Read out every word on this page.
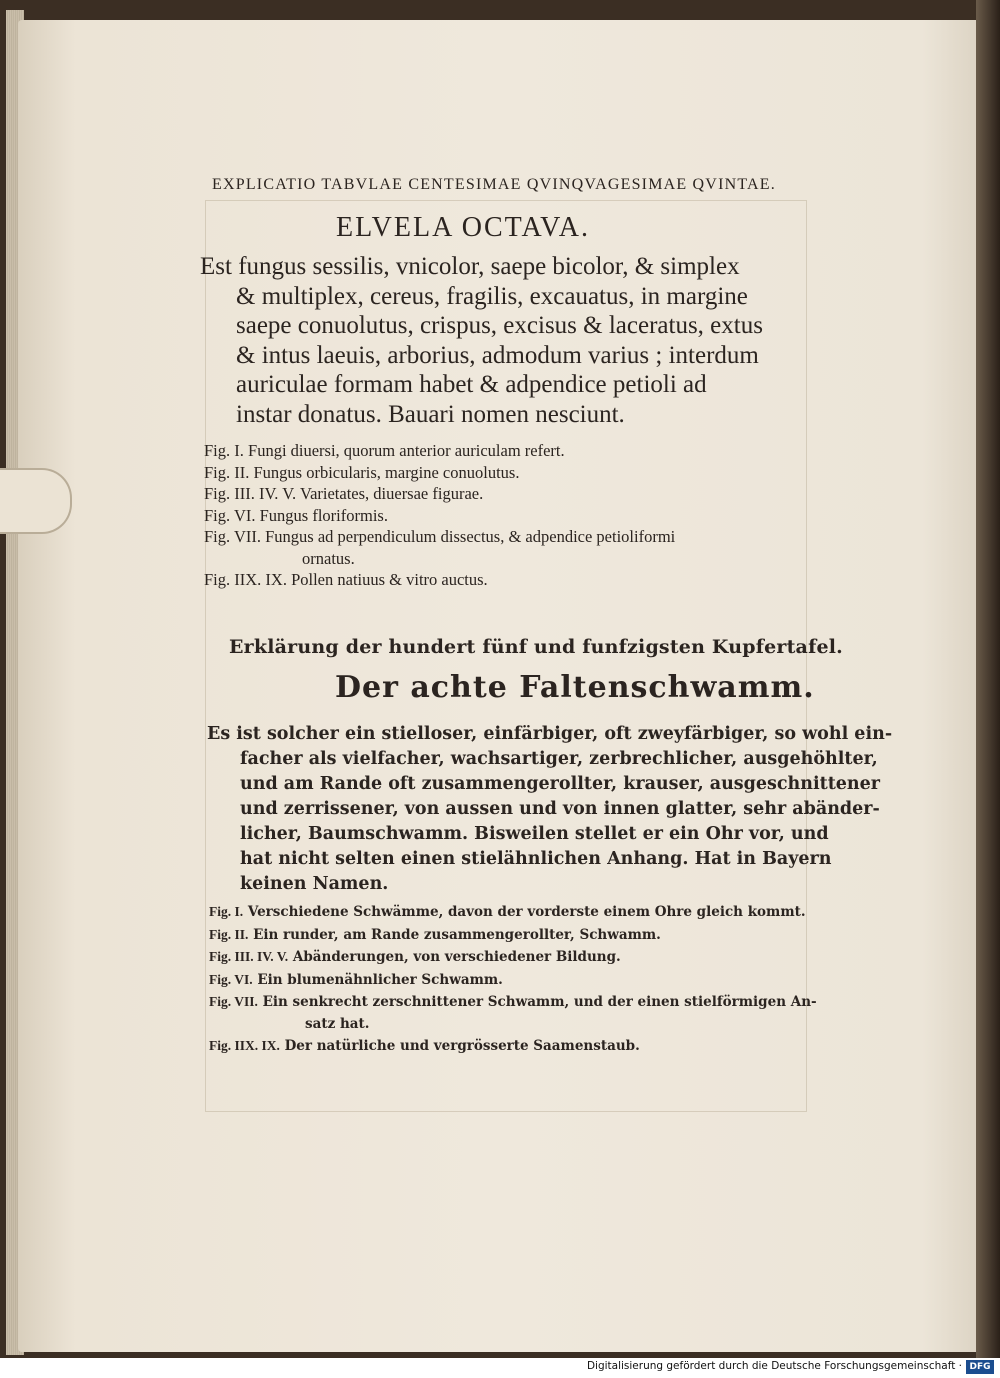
EXPLICATIO TABVLAE CENTESIMAE QVINQVAGESIMAE QVINTAE.
ELVELA OCTAVA.
Est fungus sessilis, vnicolor, saepe bicolor, & simplex
& multiplex, cereus, fragilis, excauatus, in margine
saepe conuolutus, crispus, excisus & laceratus, extus
& intus laeuis, arborius, admodum varius ; interdum
auriculae formam habet & adpendice petioli ad
instar donatus. Bauari nomen nesciunt.
Fig. I. Fungi diuersi, quorum anterior auriculam refert.
Fig. II. Fungus orbicularis, margine conuolutus.
Fig. III. IV. V. Varietates, diuersae figurae.
Fig. VI. Fungus floriformis.
Fig. VII. Fungus ad perpendiculum dissectus, & adpendice petioliformi
ornatus.
Fig. IIX. IX. Pollen natiuus & vitro auctus.
Erklärung der hundert fünf und funfzigsten Kupfertafel.
Der achte Faltenschwamm.
Es ist solcher ein stielloser, einfärbiger, oft zweyfärbiger, so wohl ein-
facher als vielfacher, wachsartiger, zerbrechlicher, ausgehöhlter,
und am Rande oft zusammengerollter, krauser, ausgeschnittener
und zerrissener, von aussen und von innen glatter, sehr abänder-
licher, Baumschwamm. Bisweilen stellet er ein Ohr vor, und
hat nicht selten einen stielähnlichen Anhang. Hat in Bayern
keinen Namen.
Fig. I. Verschiedene Schwämme, davon der vorderste einem Ohre gleich kommt.
Fig. II. Ein runder, am Rande zusammengerollter, Schwamm.
Fig. III. IV. V. Abänderungen, von verschiedener Bildung.
Fig. VI. Ein blumenähnlicher Schwamm.
Fig. VII. Ein senkrecht zerschnittener Schwamm, und der einen stielförmigen An-
satz hat.
Fig. IIX. IX. Der natürliche und vergrösserte Saamenstaub.
Digitalisierung gefördert durch die Deutsche Forschungsgemeinschaft · DFG
